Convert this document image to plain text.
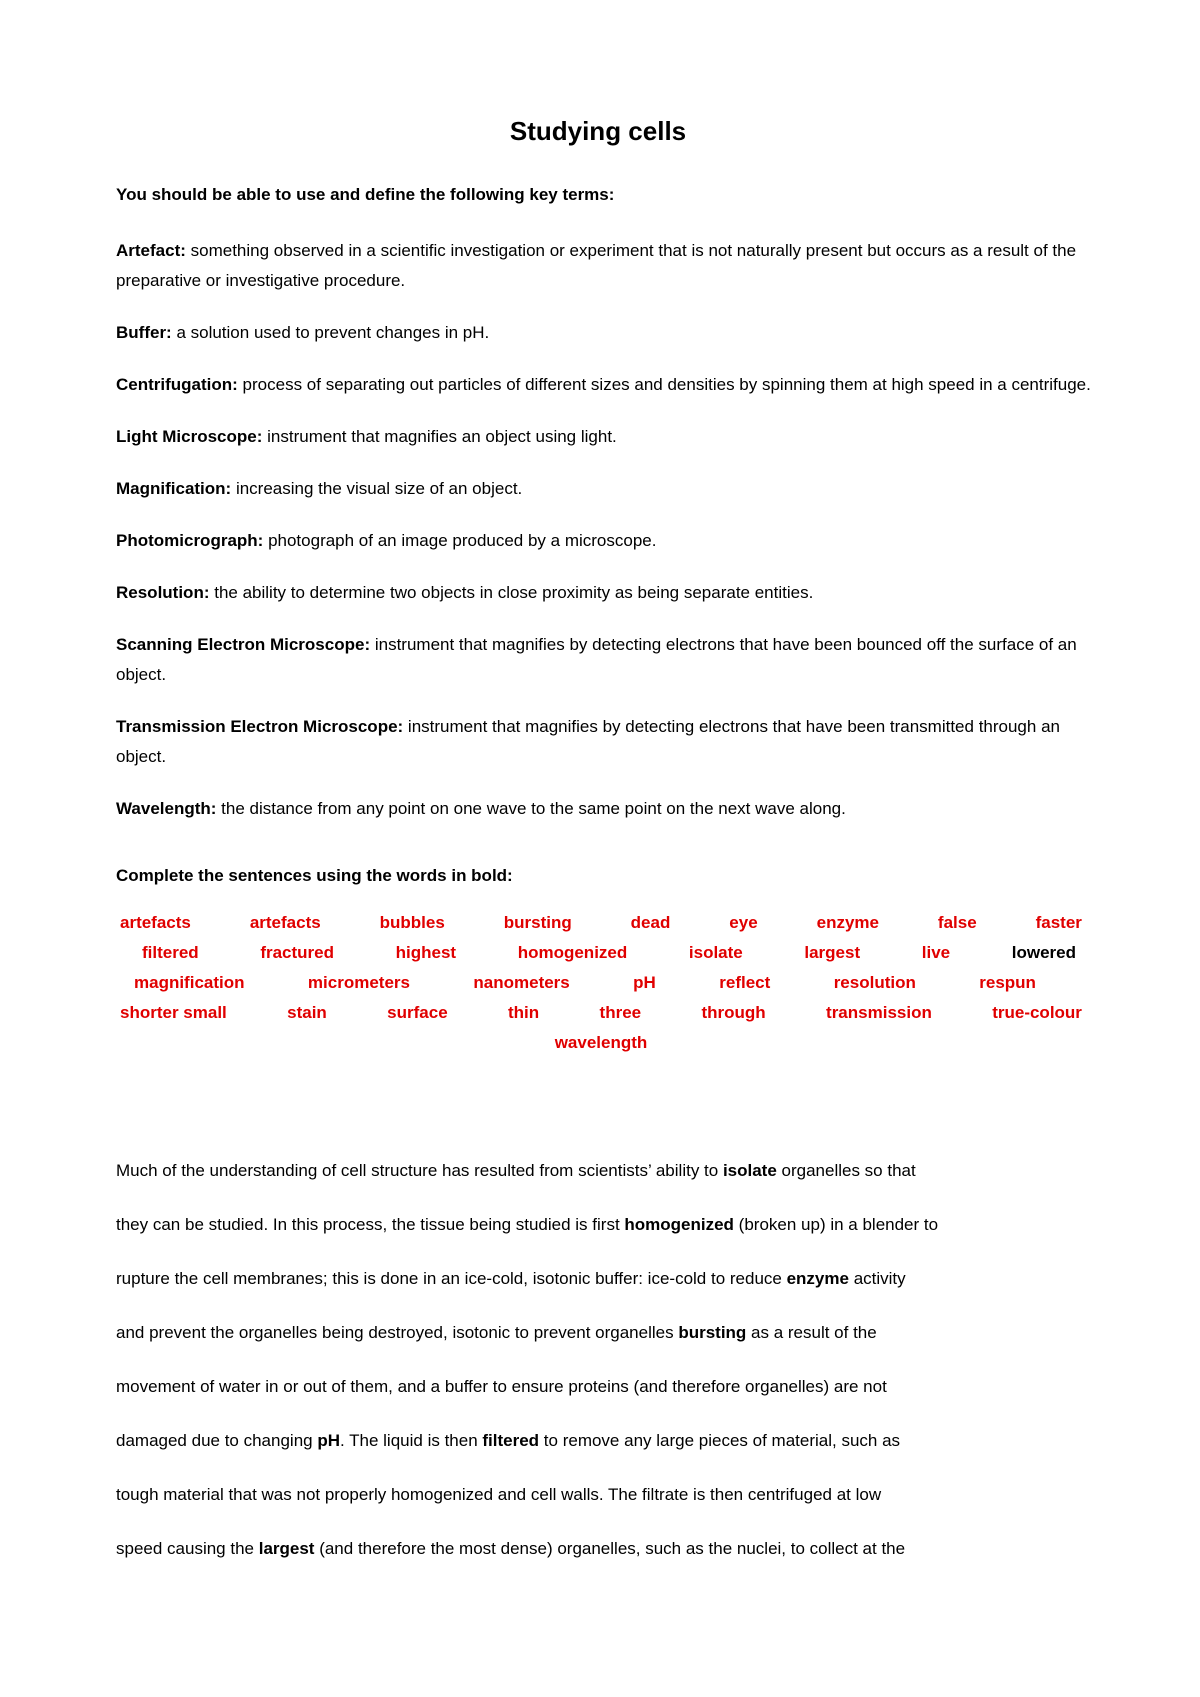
Studying cells

You should be able to use and define the following key terms:

Artefact: something observed in a scientific investigation or experiment that is not naturally present but occurs as a result of the preparative or investigative procedure.

Buffer: a solution used to prevent changes in pH.

Centrifugation: process of separating out particles of different sizes and densities by spinning them at high speed in a centrifuge.

Light Microscope: instrument that magnifies an object using light.

Magnification: increasing the visual size of an object.

Photomicrograph: photograph of an image produced by a microscope.

Resolution: the ability to determine two objects in close proximity as being separate entities.

Scanning Electron Microscope: instrument that magnifies by detecting electrons that have been bounced off the surface of an object.

Transmission Electron Microscope: instrument that magnifies by detecting electrons that have been transmitted through an object.

Wavelength: the distance from any point on one wave to the same point on the next wave along.

Complete the sentences using the words in bold:

artefacts	artefacts	bubbles	bursting	dead	eye	enzyme	false	faster
filtered	fractured	highest	homogenized	isolate	largest	live	lowered
magnification	micrometers	nanometers	pH	reflect	resolution	respun
shorter small	stain	surface	thin	three	through	transmission	true-colour
wavelength
Much of the understanding of cell structure has resulted from scientists’ ability to isolate organelles so that
they can be studied. In this process, the tissue being studied is first homogenized (broken up) in a blender to
rupture the cell membranes; this is done in an ice-cold, isotonic buffer: ice-cold to reduce enzyme activity
and prevent the organelles being destroyed, isotonic to prevent organelles bursting as a result of the
movement of water in or out of them, and a buffer to ensure proteins (and therefore organelles) are not
damaged due to changing pH. The liquid is then filtered to remove any large pieces of material, such as
tough material that was not properly homogenized and cell walls. The filtrate is then centrifuged at low
speed causing the largest (and therefore the most dense) organelles, such as the nuclei, to collect at the
